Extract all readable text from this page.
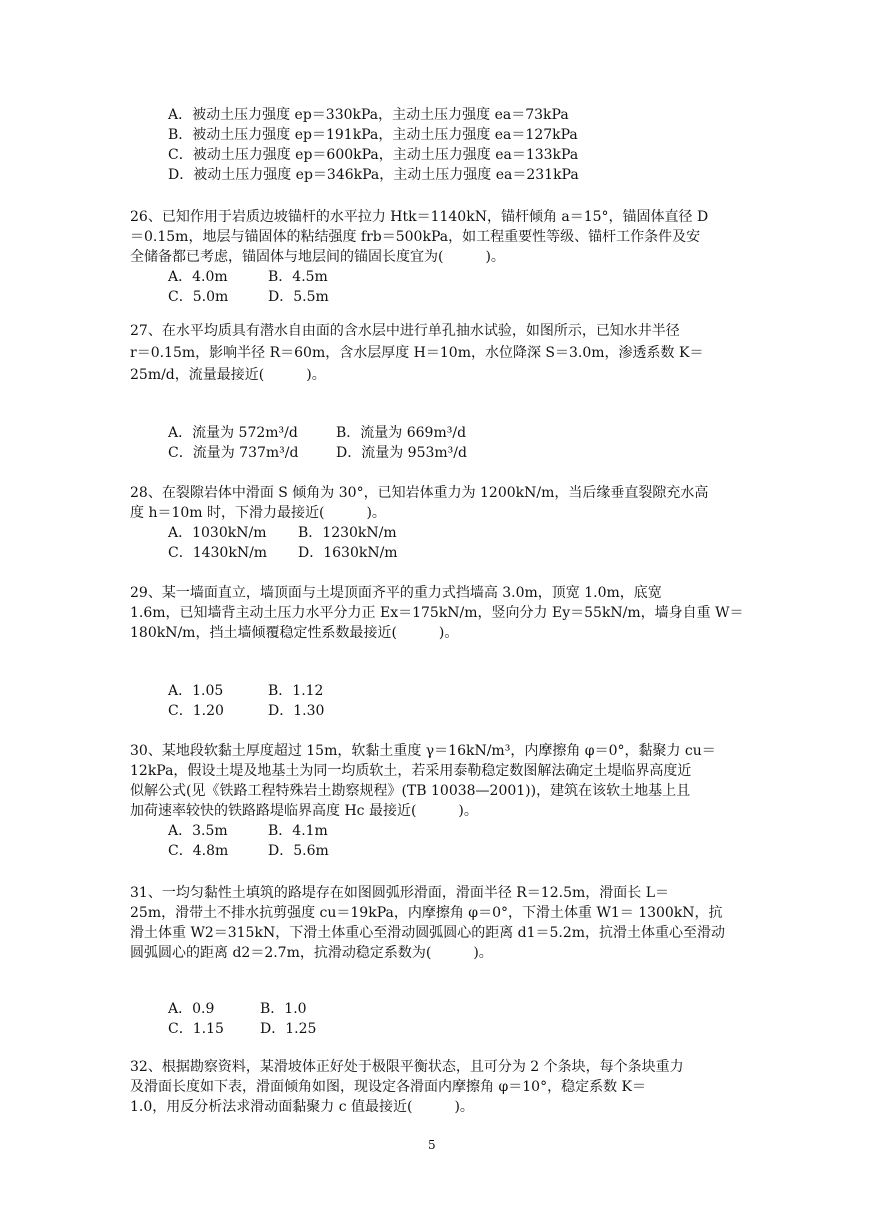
A．被动土压力强度 ep＝330kPa，主动土压力强度 ea＝73kPa
B．被动土压力强度 ep＝191kPa，主动土压力强度 ea＝127kPa
C．被动土压力强度 ep＝600kPa，主动土压力强度 ea＝133kPa
D．被动土压力强度 ep＝346kPa，主动土压力强度 ea＝231kPa
26、已知作用于岩质边坡锚杆的水平拉力 Htk＝1140kN，锚杆倾角 a＝15°，锚固体直径 D
＝0.15m，地层与锚固体的粘结强度 frb＝500kPa，如工程重要性等级、锚杆工作条件及安
全储备都已考虑，锚固体与地层间的锚固长度宜为(　　　)。
A．4.0m	B．4.5m
C．5.0m	D．5.5m
27、在水平均质具有潜水自由面的含水层中进行单孔抽水试验，如图所示，已知水井半径
r＝0.15m，影响半径 R＝60m，含水层厚度 H＝10m，水位降深 S＝3.0m，渗透系数 K＝
25m/d，流量最接近(　　　)。
A．流量为 572m³/d	B．流量为 669m³/d
C．流量为 737m³/d	D．流量为 953m³/d
28、在裂隙岩体中滑面 S 倾角为 30°，已知岩体重力为 1200kN/m，当后缘垂直裂隙充水高
度 h＝10m 时，下滑力最接近(　　　)。
A．1030kN/m B．1230kN/m
C．1430kN/m D．1630kN/m
29、某一墙面直立，墙顶面与土堤顶面齐平的重力式挡墙高 3.0m，顶宽 1.0m，底宽
1.6m，已知墙背主动土压力水平分力正 Ex＝175kN/m，竖向分力 Ey＝55kN/m，墙身自重 W＝
180kN/m，挡土墙倾覆稳定性系数最接近(　　　)。
A．1.05	B．1.12
C．1.20	D．1.30
30、某地段软黏土厚度超过 15m，软黏土重度 γ＝16kN/m³，内摩擦角 φ＝0°，黏聚力 cu＝
12kPa，假设土堤及地基土为同一均质软土，若采用泰勒稳定数图解法确定土堤临界高度近
似解公式(见《铁路工程特殊岩土勘察规程》(TB 10038—2001))，建筑在该软土地基上且
加荷速率较快的铁路路堤临界高度 Hc 最接近(　　　)。
A．3.5m	B．4.1m
C．4.8m	D．5.6m
31、一均匀黏性土填筑的路堤存在如图圆弧形滑面，滑面半径 R＝12.5m，滑面长 L＝
25m，滑带土不排水抗剪强度 cu＝19kPa，内摩擦角 φ＝0°，下滑土体重 W1＝ 1300kN，抗
滑土体重 W2＝315kN，下滑土体重心至滑动圆弧圆心的距离 d1＝5.2m，抗滑土体重心至滑动
圆弧圆心的距离 d2＝2.7m，抗滑动稳定系数为(　　　)。
A．0.9	B．1.0
C．1.15	D．1.25
32、根据勘察资料，某滑坡体正好处于极限平衡状态，且可分为 2 个条块，每个条块重力
及滑面长度如下表，滑面倾角如图，现设定各滑面内摩擦角 φ＝10°，稳定系数 K＝
1.0，用反分析法求滑动面黏聚力 c 值最接近(　　　)。
5
